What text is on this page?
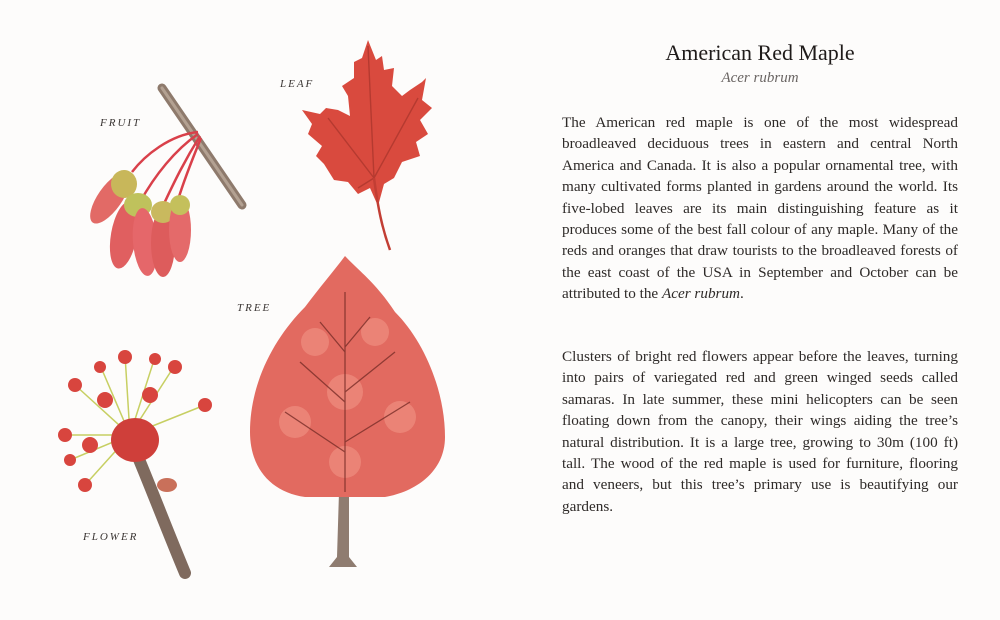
FRUIT
LEAF
TREE
FLOWER
American Red Maple
Acer rubrum

The American red maple is one of the most widespread broadleaved deciduous trees in eastern and central North America and Canada. It is also a popular ornamental tree, with many cultivated forms planted in gardens around the world. Its five-lobed leaves are its main distinguishing feature as it produces some of the best fall colour of any maple. Many of the reds and oranges that draw tourists to the broadleaved forests of the east coast of the USA in September and October can be attributed to the Acer rubrum.

Clusters of bright red flowers appear before the leaves, turning into pairs of variegated red and green winged seeds called samaras. In late summer, these mini helicopters can be seen floating down from the canopy, their wings aiding the tree’s natural distribution. It is a large tree, growing to 30m (100 ft) tall. The wood of the red maple is used for furniture, flooring and veneers, but this tree’s primary use is beautifying our gardens.
